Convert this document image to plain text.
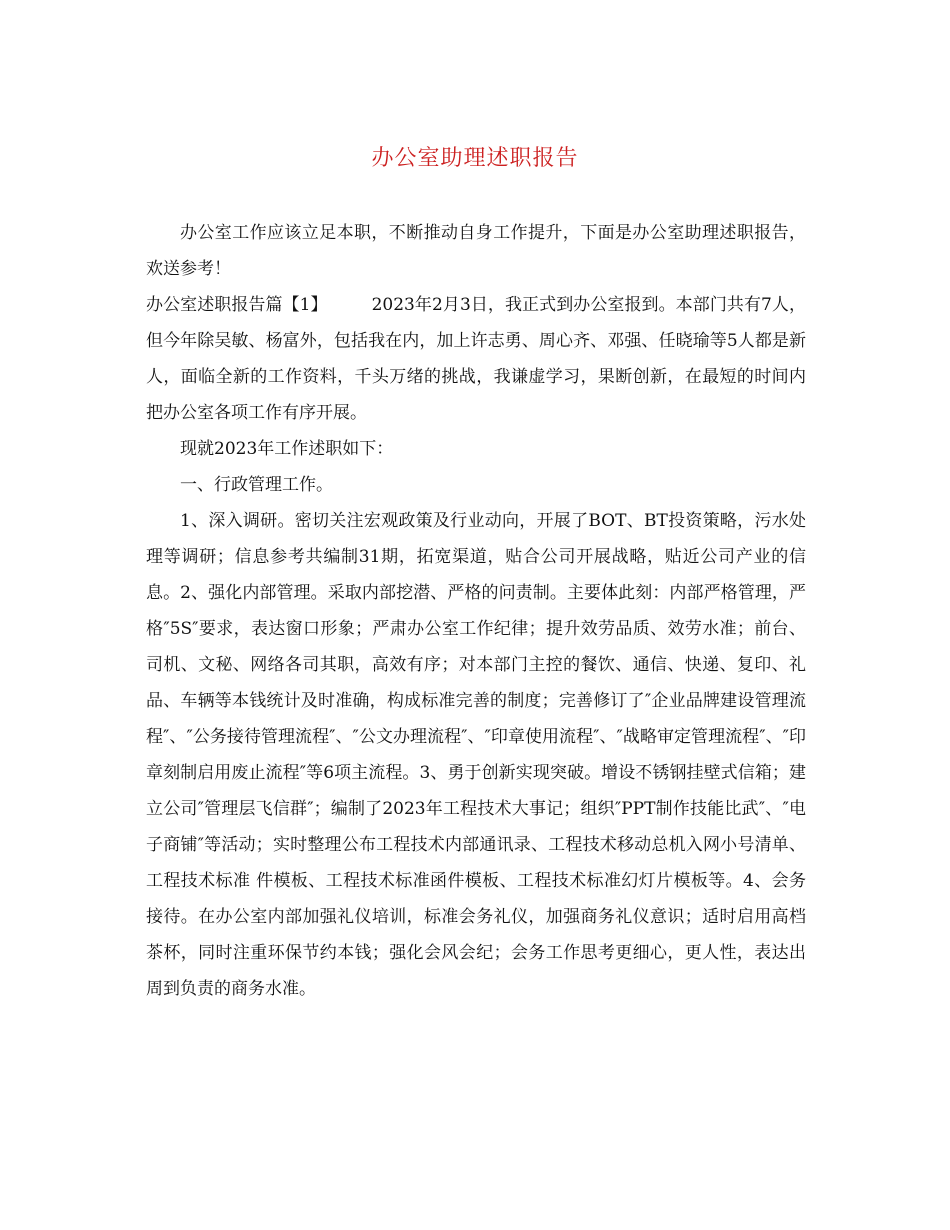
办公室助理述职报告

办公室工作应该立足本职，不断推动自身工作提升，下面是办公室助理述职报告，欢送参考！

办公室述职报告篇【1】	2023年2月3日，我正式到办公室报到。本部门共有7人，但今年除吴敏、杨富外，包括我在内，加上许志勇、周心齐、邓强、任晓瑜等5人都是新人，面临全新的工作资料，千头万绪的挑战，我谦虚学习，果断创新，在最短的时间内把办公室各项工作有序开展。

现就2023年工作述职如下：

一、行政管理工作。

1、深入调研。密切关注宏观政策及行业动向，开展了BOT、BT投资策略，污水处理等调研；信息参考共编制31期，拓宽渠道，贴合公司开展战略，贴近公司产业的信息。2、强化内部管理。采取内部挖潜、严格的问责制。主要体此刻：内部严格管理，严格″5S″要求，表达窗口形象；严肃办公室工作纪律；提升效劳品质、效劳水准；前台、司机、文秘、网络各司其职，高效有序；对本部门主控的餐饮、通信、快递、复印、礼品、车辆等本钱统计及时准确，构成标准完善的制度；完善修订了″企业品牌建设管理流程″、″公务接待管理流程″、″公文办理流程″、″印章使用流程″、″战略审定管理流程″、″印章刻制启用废止流程″等6项主流程。3、勇于创新实现突破。增设不锈钢挂壁式信箱；建立公司″管理层飞信群″；编制了2023年工程技术大事记；组织″PPT制作技能比武″、″电子商铺″等活动；实时整理公布工程技术内部通讯录、工程技术移动总机入网小号清单、工程技术标准 件模板、工程技术标准函件模板、工程技术标准幻灯片模板等。4、会务接待。在办公室内部加强礼仪培训，标准会务礼仪，加强商务礼仪意识；适时启用高档茶杯，同时注重环保节约本钱；强化会风会纪；会务工作思考更细心，更人性，表达出周到负责的商务水准。
